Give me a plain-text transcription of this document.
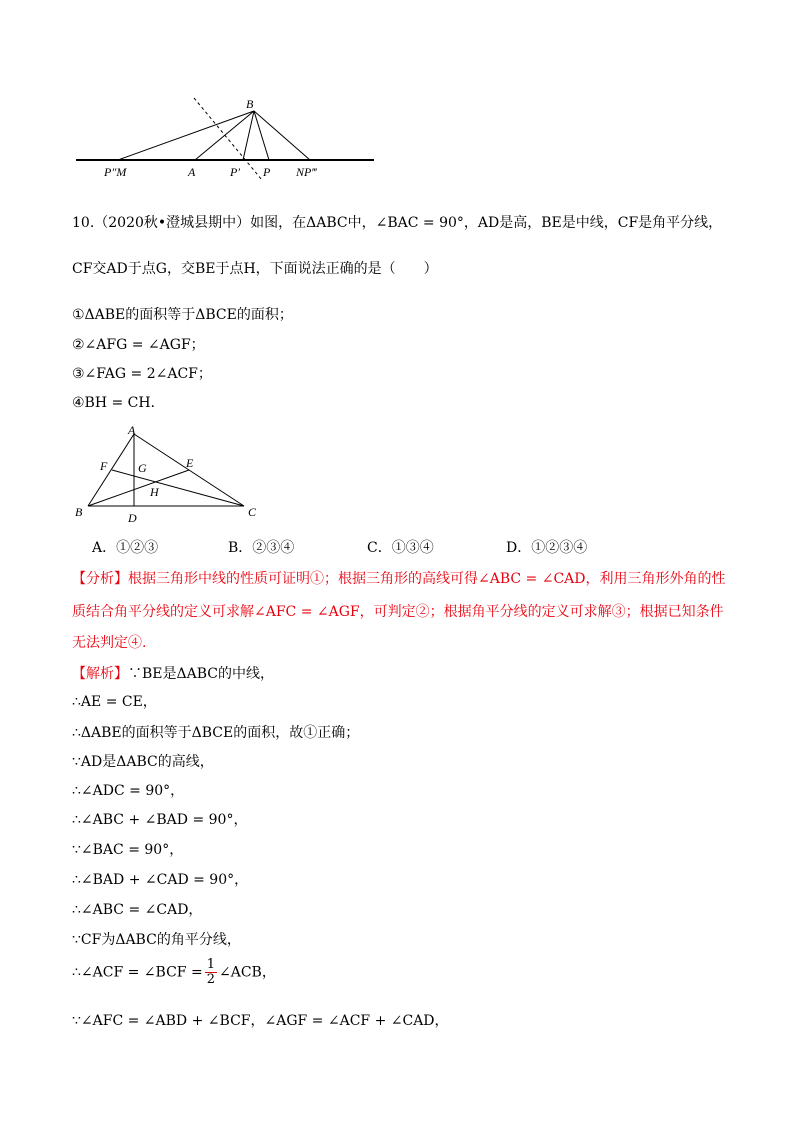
B
P″M	A	P′ P NP‴
10.（2020秋•澄城县期中）如图，在ΔABC中，∠BAC = 90°，AD是高，BE是中线，CF是角平分线，
CF交AD于点G，交BE于点H，下面说法正确的是（　　）
①ΔABE的面积等于ΔBCE的面积；
②∠AFG = ∠AGF；
③∠FAG = 2∠ACF；
④BH = CH．
A
F	G	E
H
B	D	C
A．①②③	B．②③④	C．①③④	D．①②③④
【分析】根据三角形中线的性质可证明①；根据三角形的高线可得∠ABC = ∠CAD，利用三角形外角的性
质结合角平分线的定义可求解∠AFC = ∠AGF，可判定②；根据角平分线的定义可求解③；根据已知条件
无法判定④.
【解析】∵BE是ΔABC的中线，
∴AE = CE，
∴ΔABE的面积等于ΔBCE的面积，故①正确；
∵AD是ΔABC的高线，
∴∠ADC = 90°，
∴∠ABC + ∠BAD = 90°，
∵∠BAC = 90°，
∴∠BAD + ∠CAD = 90°，
∴∠ABC = ∠CAD，
∵CF为ΔABC的角平分线，
∴∠ACF = ∠BCF = $\frac{1}{2}$ ∠ACB，
∵∠AFC = ∠ABD + ∠BCF，∠AGF = ∠ACF + ∠CAD，
